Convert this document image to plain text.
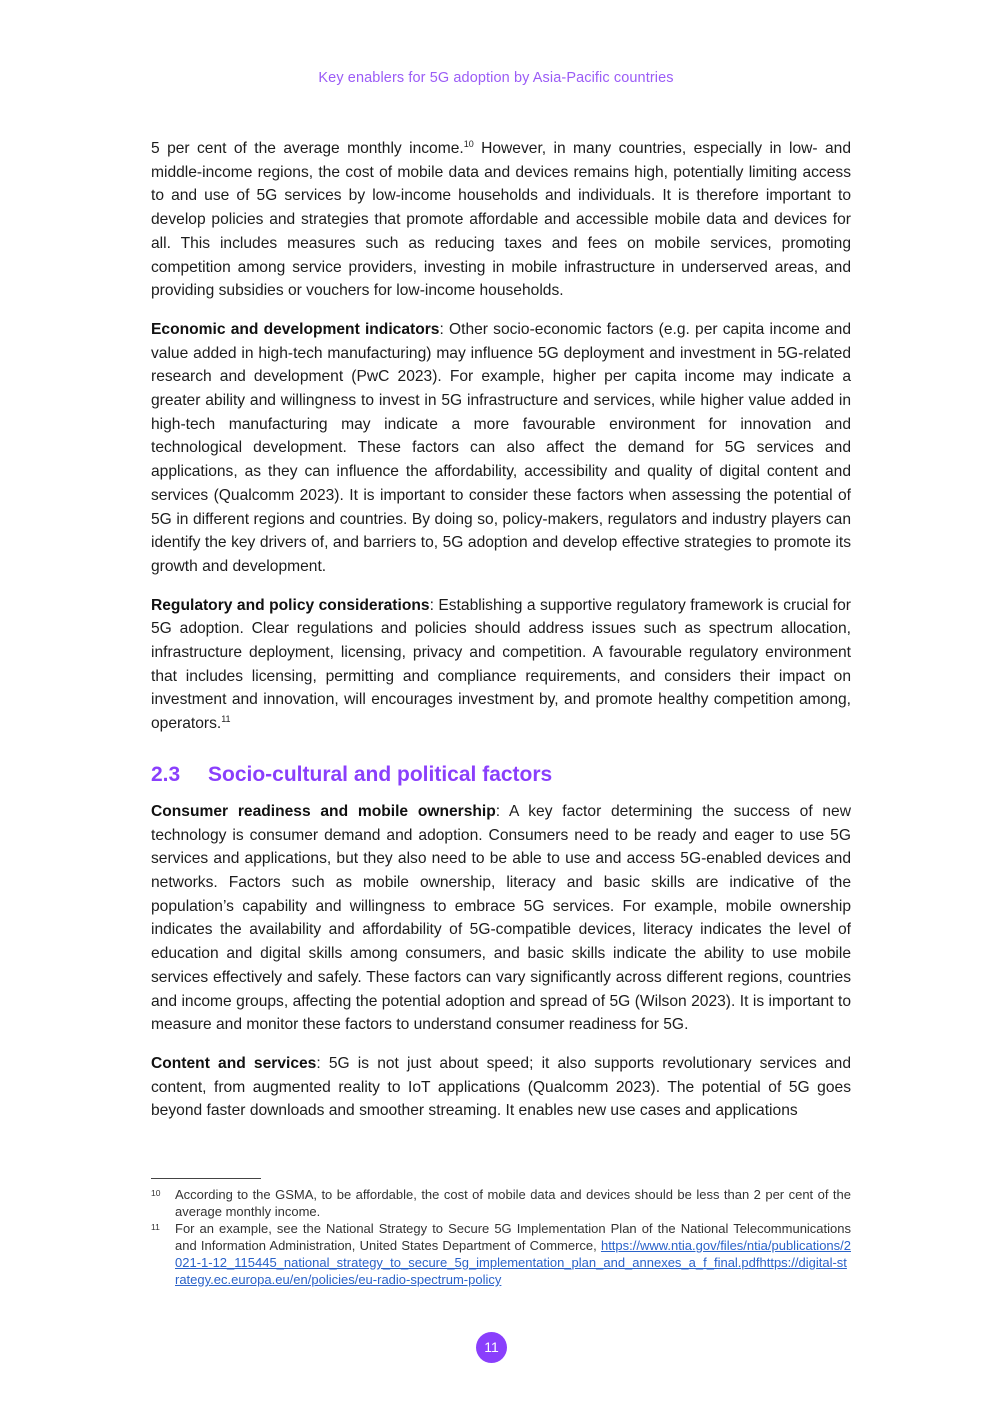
Key enablers for 5G adoption by Asia-Pacific countries

5 per cent of the average monthly income.$^{10}$ However, in many countries, especially in low- and middle-income regions, the cost of mobile data and devices remains high, potentially limiting access to and use of 5G services by low-income households and individuals. It is therefore important to develop policies and strategies that promote affordable and accessible mobile data and devices for all. This includes measures such as reducing taxes and fees on mobile services, promoting competition among service providers, investing in mobile infrastructure in underserved areas, and providing subsidies or vouchers for low-income households.

Economic and development indicators: Other socio-economic factors (e.g. per capita income and value added in high-tech manufacturing) may influence 5G deployment and investment in 5G-related research and development (PwC 2023). For example, higher per capita income may indicate a greater ability and willingness to invest in 5G infrastructure and services, while higher value added in high-tech manufacturing may indicate a more favourable environment for innovation and technological development. These factors can also affect the demand for 5G services and applications, as they can influence the affordability, accessibility and quality of digital content and services (Qualcomm 2023). It is important to consider these factors when assessing the potential of 5G in different regions and countries. By doing so, policy-makers, regulators and industry players can identify the key drivers of, and barriers to, 5G adoption and develop effective strategies to promote its growth and development.

Regulatory and policy considerations: Establishing a supportive regulatory framework is crucial for 5G adoption. Clear regulations and policies should address issues such as spectrum allocation, infrastructure deployment, licensing, privacy and competition. A favourable regulatory environment that includes licensing, permitting and compliance requirements, and considers their impact on investment and innovation, will encourages investment by, and promote healthy competition among, operators.$^{11}$

2.3 Socio-cultural and political factors

Consumer readiness and mobile ownership: A key factor determining the success of new technology is consumer demand and adoption. Consumers need to be ready and eager to use 5G services and applications, but they also need to be able to use and access 5G-enabled devices and networks. Factors such as mobile ownership, literacy and basic skills are indicative of the population’s capability and willingness to embrace 5G services. For example, mobile ownership indicates the availability and affordability of 5G-compatible devices, literacy indicates the level of education and digital skills among consumers, and basic skills indicate the ability to use mobile services effectively and safely. These factors can vary significantly across different regions, countries and income groups, affecting the potential adoption and spread of 5G (Wilson 2023). It is important to measure and monitor these factors to understand consumer readiness for 5G.

Content and services: 5G is not just about speed; it also supports revolutionary services and content, from augmented reality to IoT applications (Qualcomm 2023). The potential of 5G goes beyond faster downloads and smoother streaming. It enables new use cases and applications

10	According to the GSMA, to be affordable, the cost of mobile data and devices should be less than 2 per cent of the average monthly income.
11	For an example, see the National Strategy to Secure 5G Implementation Plan of the National Telecommunications and Information Administration, United States Department of Commerce, https://www.ntia.gov/files/ntia/publications/2021-1-12_115445_national_strategy_to_secure_5g_implementation_plan_and_annexes_a_f_final.pdfhttps://digital-strategy.ec.europa.eu/en/policies/eu-radio-spectrum-policy
11
